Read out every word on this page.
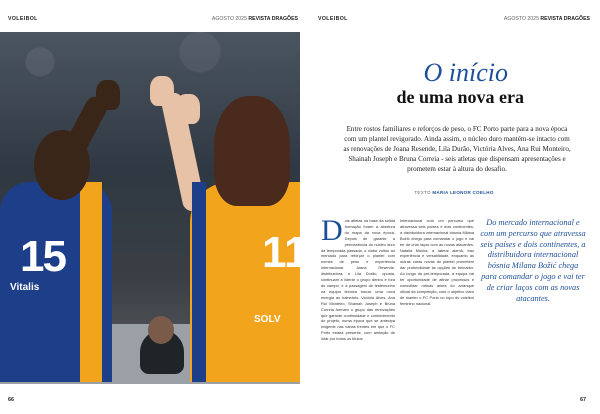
VOLEIBOL	AGOSTO 2025 REVISTA DRAGÕES
15
Vitalis
11
SOLV
66
VOLEIBOL	AGOSTO 2025 REVISTA DRAGÕES
O início
de uma nova era
Entre rostos familiares e reforços de peso, o FC Porto parte para a nova época com um plantel revigorado. Ainda assim, o núcleo duro mantém-se intacto com as renovações de Joana Resende, Lila Durão, Victória Alves, Ana Rui Monteiro, Shainah Joseph e Bruna Correia - seis atletas que dispensam apresentações e prometem estar à altura do desafio.
TEXTO MARIA LEONOR COELHO
Dois atletas na base da sólida formação foram a abertura do mapa da nova época. Depois de garantir a permanência do núcleo duro da temporada passada, o clube voltou ao mercado para reforçar o plantel com nomes de peso e experiência internacional. Joana Resende, distribuidora, e Lila Durão, oposta, continuam a liderar o grupo dentro e fora do campo, e a passagem de testemunho na equipa técnica trouxe uma nova energia ao balneário. Victória Alves, Ana Rui Monteiro, Shainah Joseph e Bruna Correia formam o grupo das renovações que garante continuidade e conhecimento do projeto, numa época que se antecipa exigente nas várias frentes em que o FC Porto estará presente, com ambição de lutar por todos os títulos.
Internacional com um percurso que atravessa seis países e dois continentes, a distribuidora internacional bósnia Milana Božić chega para comandar o jogo e vai ter de criar laços com as novas atacantes. Natalia Mucha, a lateral alemã, traz experiência e versatilidade, enquanto as outras caras novas do plantel prometem dar profundidade às opções do treinador. Ao longo da pré-temporada, a equipa vai ter oportunidade de afinar processos e consolidar rotinas antes do arranque oficial da competição, com o objetivo claro de manter o FC Porto no topo do voleibol feminino nacional.
Do mercado internacional e com um percurso que atravessa seis países e dois continentes, a distribuidora internacional bósnia Milana Božić chega para comandar o jogo e vai ter de criar laços com as novas atacantes.
67
